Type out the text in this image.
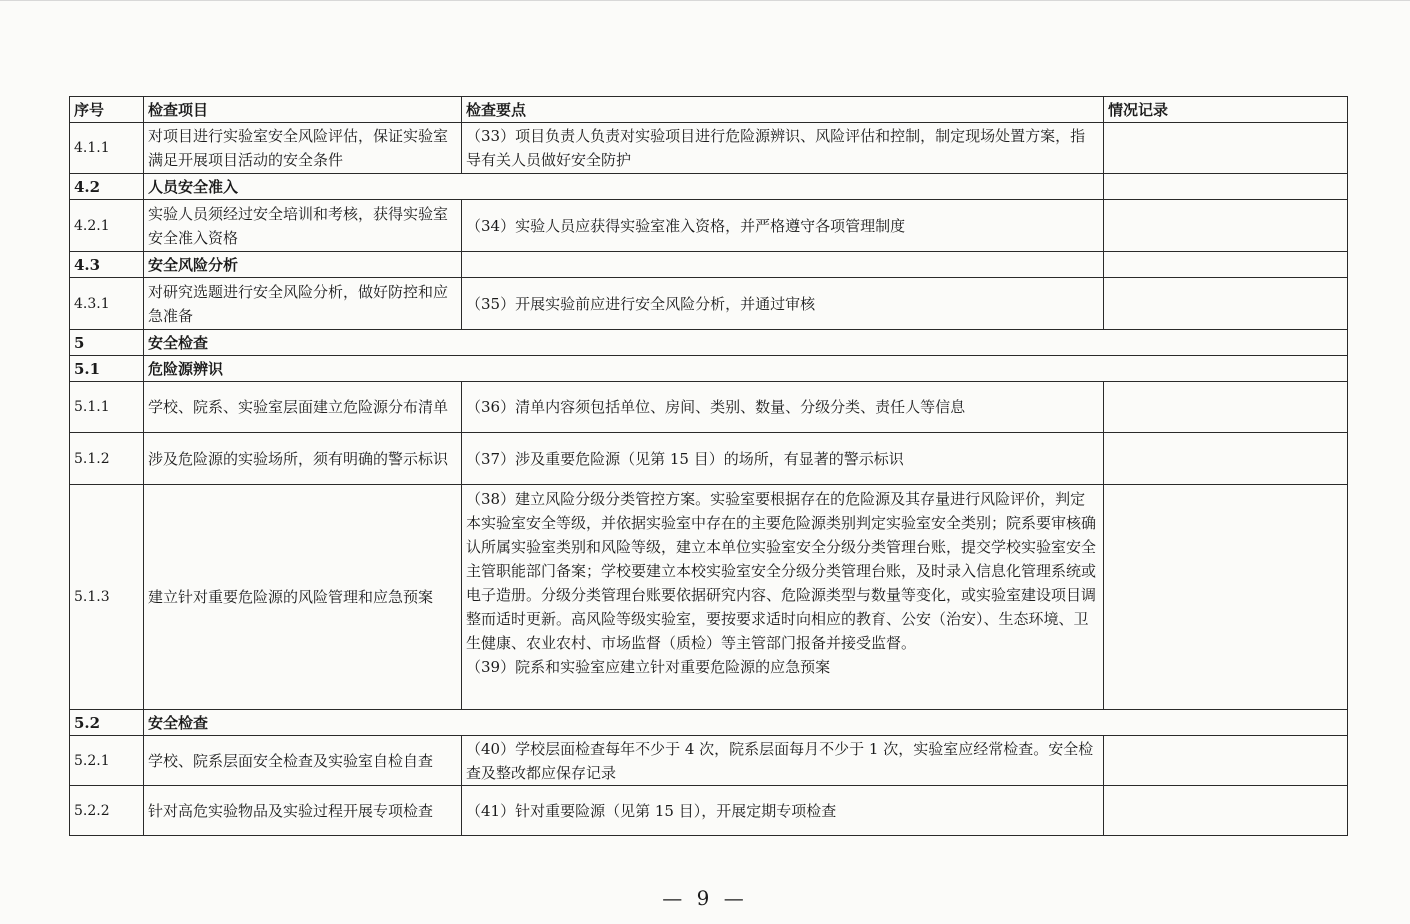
序号	检查项目	检查要点	情况记录
4.1.1	对项目进行实验室安全风险评估，保证实验室满足开展项目活动的安全条件	（33）项目负责人负责对实验项目进行危险源辨识、风险评估和控制，制定现场处置方案，指导有关人员做好安全防护	
4.2	人员安全准入		
4.2.1	实验人员须经过安全培训和考核，获得实验室安全准入资格	（34）实验人员应获得实验室准入资格，并严格遵守各项管理制度	
4.3	安全风险分析		
4.3.1	对研究选题进行安全风险分析，做好防控和应急准备	（35）开展实验前应进行安全风险分析，并通过审核	
5	安全检查		
5.1	危险源辨识		
5.1.1	学校、院系、实验室层面建立危险源分布清单	（36）清单内容须包括单位、房间、类别、数量、分级分类、责任人等信息	
5.1.2	涉及危险源的实验场所，须有明确的警示标识	（37）涉及重要危险源（见第 15 目）的场所，有显著的警示标识	
5.1.3	建立针对重要危险源的风险管理和应急预案	（38）建立风险分级分类管控方案。实验室要根据存在的危险源及其存量进行风险评价，判定本实验室安全等级，并依据实验室中存在的主要危险源类别判定实验室安全类别；院系要审核确认所属实验室类别和风险等级，建立本单位实验室安全分级分类管理台账，提交学校实验室安全主管职能部门备案；学校要建立本校实验室安全分级分类管理台账，及时录入信息化管理系统或电子造册。分级分类管理台账要依据研究内容、危险源类型与数量等变化，或实验室建设项目调整而适时更新。高风险等级实验室，要按要求适时向相应的教育、公安（治安）、生态环境、卫生健康、农业农村、市场监督（质检）等主管部门报备并接受监督。
（39）院系和实验室应建立针对重要危险源的应急预案	
5.2	安全检查		
5.2.1	学校、院系层面安全检查及实验室自检自查	（40）学校层面检查每年不少于 4 次，院系层面每月不少于 1 次，实验室应经常检查。安全检查及整改都应保存记录	
5.2.2	针对高危实验物品及实验过程开展专项检查	（41）针对重要险源（见第 15 目），开展定期专项检查	
— 9 —
